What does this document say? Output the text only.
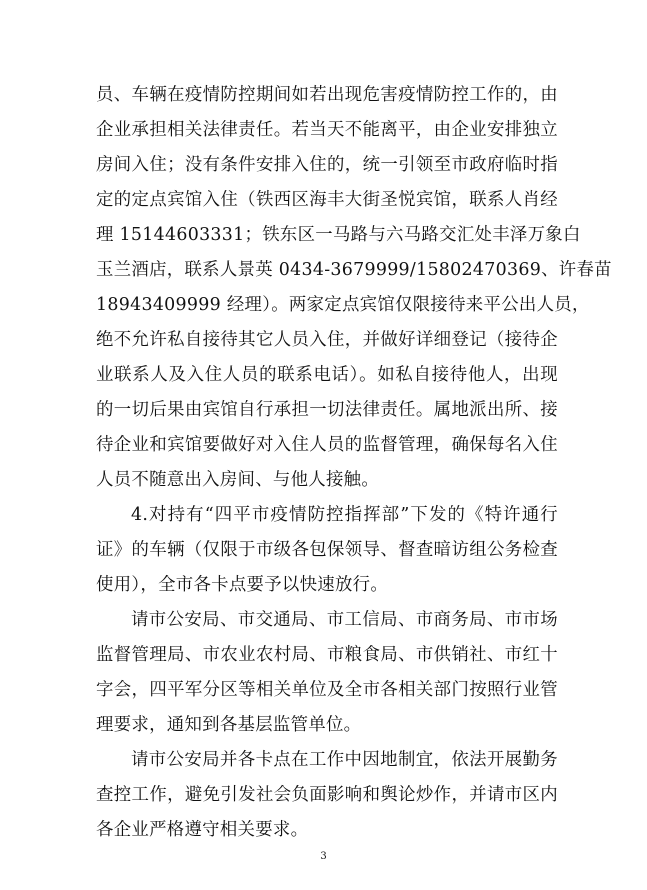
员、车辆在疫情防控期间如若出现危害疫情防控工作的，由
企业承担相关法律责任。若当天不能离平，由企业安排独立
房间入住；没有条件安排入住的，统一引领至市政府临时指
定的定点宾馆入住（铁西区海丰大街圣悦宾馆，联系人肖经
理 15144603331；铁东区一马路与六马路交汇处丰泽万象白
玉兰酒店，联系人景英 0434-3679999/15802470369、许春苗
18943409999 经理）。两家定点宾馆仅限接待来平公出人员，
绝不允许私自接待其它人员入住，并做好详细登记（接待企
业联系人及入住人员的联系电话）。如私自接待他人，出现
的一切后果由宾馆自行承担一切法律责任。属地派出所、接
待企业和宾馆要做好对入住人员的监督管理，确保每名入住
人员不随意出入房间、与他人接触。
4.对持有“四平市疫情防控指挥部”下发的《特许通行
证》的车辆（仅限于市级各包保领导、督查暗访组公务检查
使用），全市各卡点要予以快速放行。
请市公安局、市交通局、市工信局、市商务局、市市场
监督管理局、市农业农村局、市粮食局、市供销社、市红十
字会，四平军分区等相关单位及全市各相关部门按照行业管
理要求，通知到各基层监管单位。
请市公安局并各卡点在工作中因地制宜，依法开展勤务
查控工作，避免引发社会负面影响和舆论炒作，并请市区内
各企业严格遵守相关要求。
3
